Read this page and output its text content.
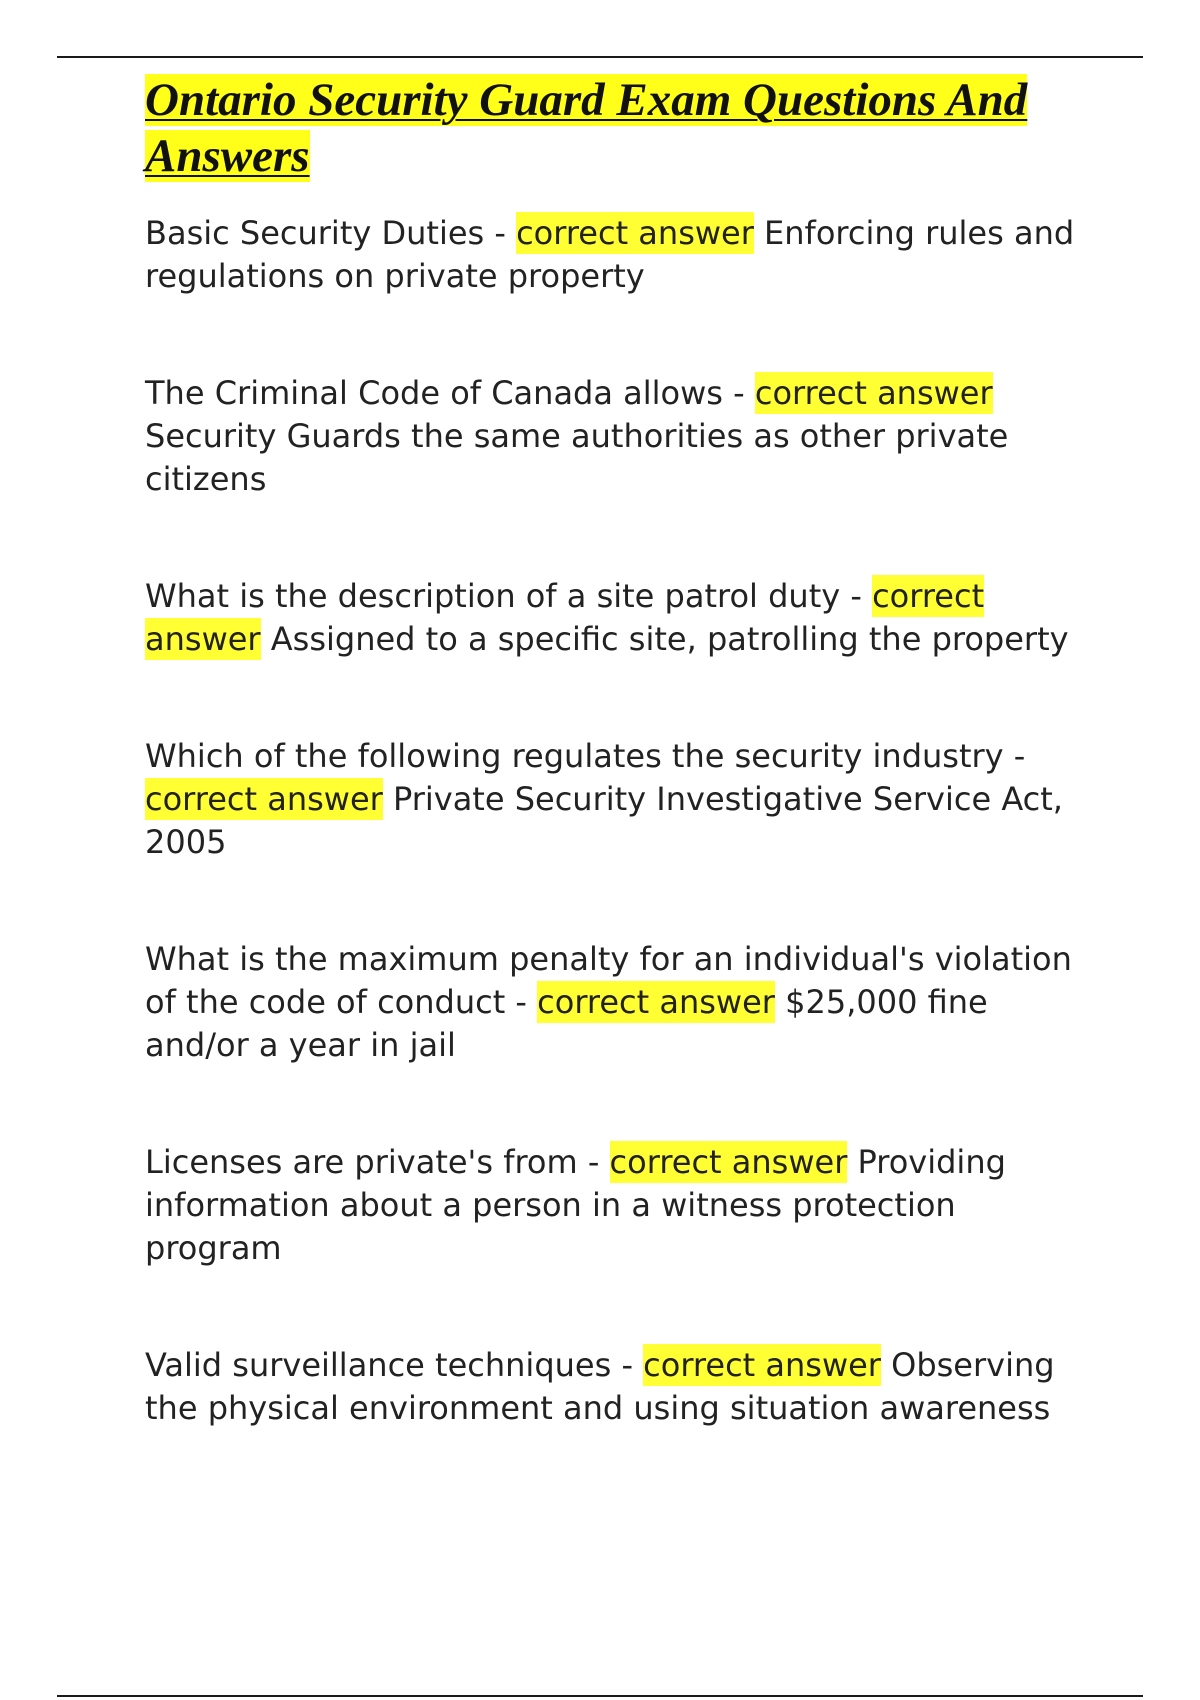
Ontario Security Guard Exam Questions And Answers

Basic Security Duties - correct answer Enforcing rules and regulations on private property

The Criminal Code of Canada allows - correct answer Security Guards the same authorities as other private citizens

What is the description of a site patrol duty - correct answer Assigned to a specific site, patrolling the property

Which of the following regulates the security industry - correct answer Private Security Investigative Service Act, 2005

What is the maximum penalty for an individual's violation of the code of conduct - correct answer $25,000 fine and/or a year in jail

Licenses are private's from - correct answer Providing information about a person in a witness protection program

Valid surveillance techniques - correct answer Observing the physical environment and using situation awareness
